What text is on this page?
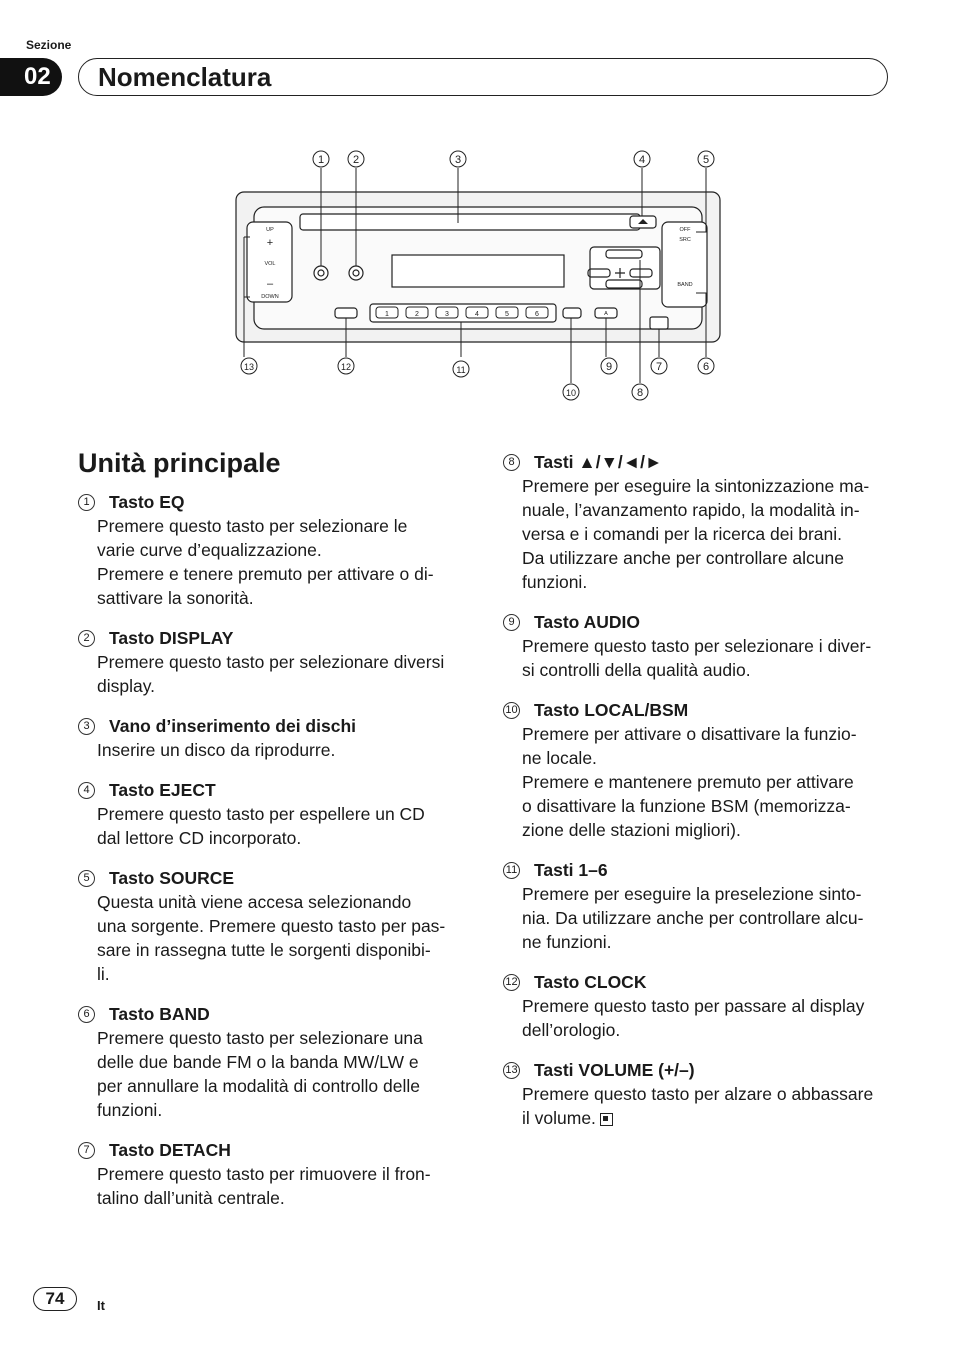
Sezione
02	Nomenclatura
UP
VOL
DOWN
OFF
SRC
BAND
A
+
–
1	2	3	4	5	6
1	2	3	4	5
6
7
8
9
10
11
12
13
Unità principale
1	Tasto EQ
Premere questo tasto per selezionare le
varie curve d’equalizzazione.
Premere e tenere premuto per attivare o di-
sattivare la sonorità.
2	Tasto DISPLAY
Premere questo tasto per selezionare diversi
display.
3	Vano d’inserimento dei dischi
Inserire un disco da riprodurre.
4	Tasto EJECT
Premere questo tasto per espellere un CD
dal lettore CD incorporato.
5	Tasto SOURCE
Questa unità viene accesa selezionando
una sorgente. Premere questo tasto per pas-
sare in rassegna tutte le sorgenti disponibi-
li.
6	Tasto BAND
Premere questo tasto per selezionare una
delle due bande FM o la banda MW/LW e
per annullare la modalità di controllo delle
funzioni.
7	Tasto DETACH
Premere questo tasto per rimuovere il fron-
talino dall’unità centrale.
8	Tasti ▲/▼/◄/►
Premere per eseguire la sintonizzazione ma-
nuale, l’avanzamento rapido, la modalità in-
versa e i comandi per la ricerca dei brani.
Da utilizzare anche per controllare alcune
funzioni.
9	Tasto AUDIO
Premere questo tasto per selezionare i diver-
si controlli della qualità audio.
10 Tasto LOCAL/BSM
Premere per attivare o disattivare la funzio-
ne locale.
Premere e mantenere premuto per attivare
o disattivare la funzione BSM (memorizza-
zione delle stazioni migliori).
11 Tasti 1–6
Premere per eseguire la preselezione sinto-
nia. Da utilizzare anche per controllare alcu-
ne funzioni.
12 Tasto CLOCK
Premere questo tasto per passare al display
dell’orologio.
13 Tasti VOLUME (+/–)
Premere questo tasto per alzare o abbassare
il volume.
74	It
